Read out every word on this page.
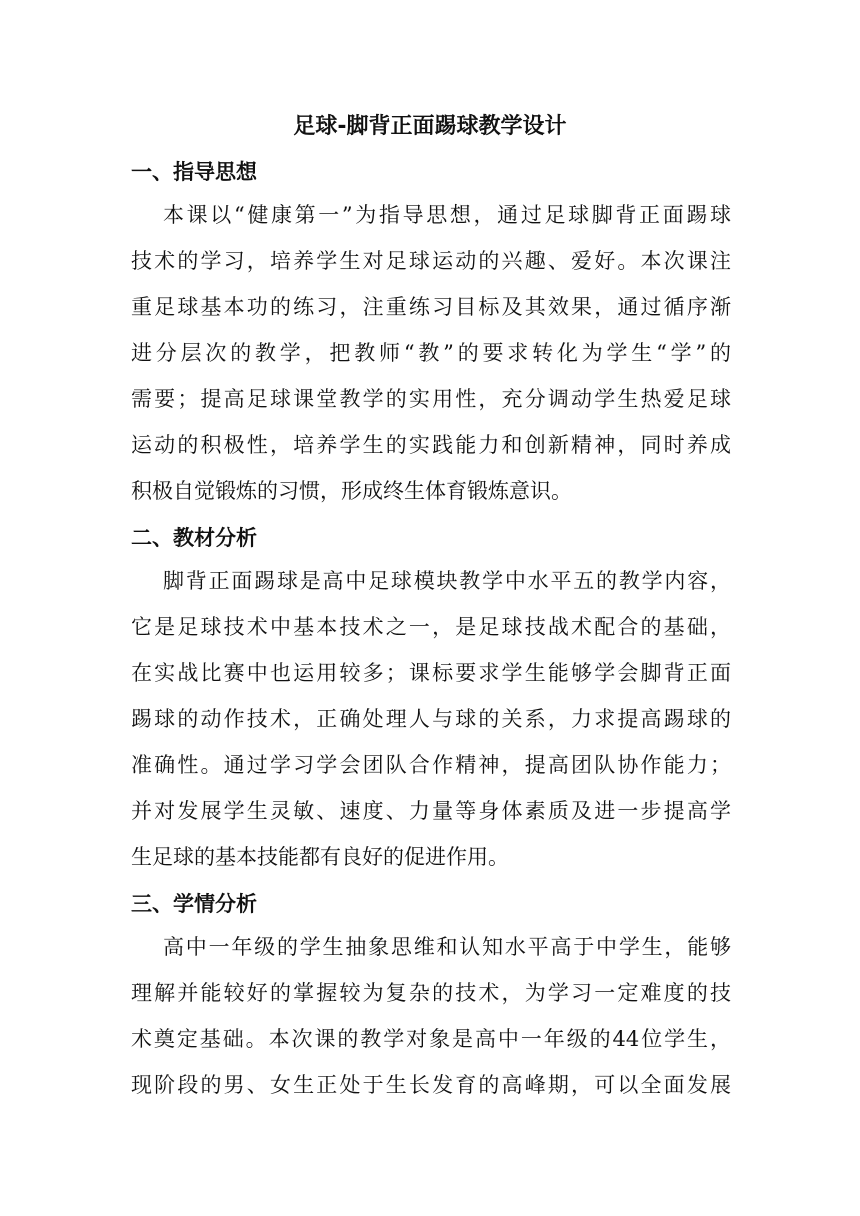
足球-脚背正面踢球教学设计
一、指导思想
本课以“健康第一”为指导思想，通过足球脚背正面踢球
技术的学习，培养学生对足球运动的兴趣、爱好。本次课注
重足球基本功的练习，注重练习目标及其效果，通过循序渐
进分层次的教学，把教师“教”的要求转化为学生“学”的
需要；提高足球课堂教学的实用性，充分调动学生热爱足球
运动的积极性，培养学生的实践能力和创新精神，同时养成
积极自觉锻炼的习惯，形成终生体育锻炼意识。
二、教材分析
脚背正面踢球是高中足球模块教学中水平五的教学内容，
它是足球技术中基本技术之一，是足球技战术配合的基础，
在实战比赛中也运用较多；课标要求学生能够学会脚背正面
踢球的动作技术，正确处理人与球的关系，力求提高踢球的
准确性。通过学习学会团队合作精神，提高团队协作能力；
并对发展学生灵敏、速度、力量等身体素质及进一步提高学
生足球的基本技能都有良好的促进作用。
三、学情分析
高中一年级的学生抽象思维和认知水平高于中学生，能够
理解并能较好的掌握较为复杂的技术，为学习一定难度的技
术奠定基础。本次课的教学对象是高中一年级的44位学生，
现阶段的男、女生正处于生长发育的高峰期，可以全面发展
